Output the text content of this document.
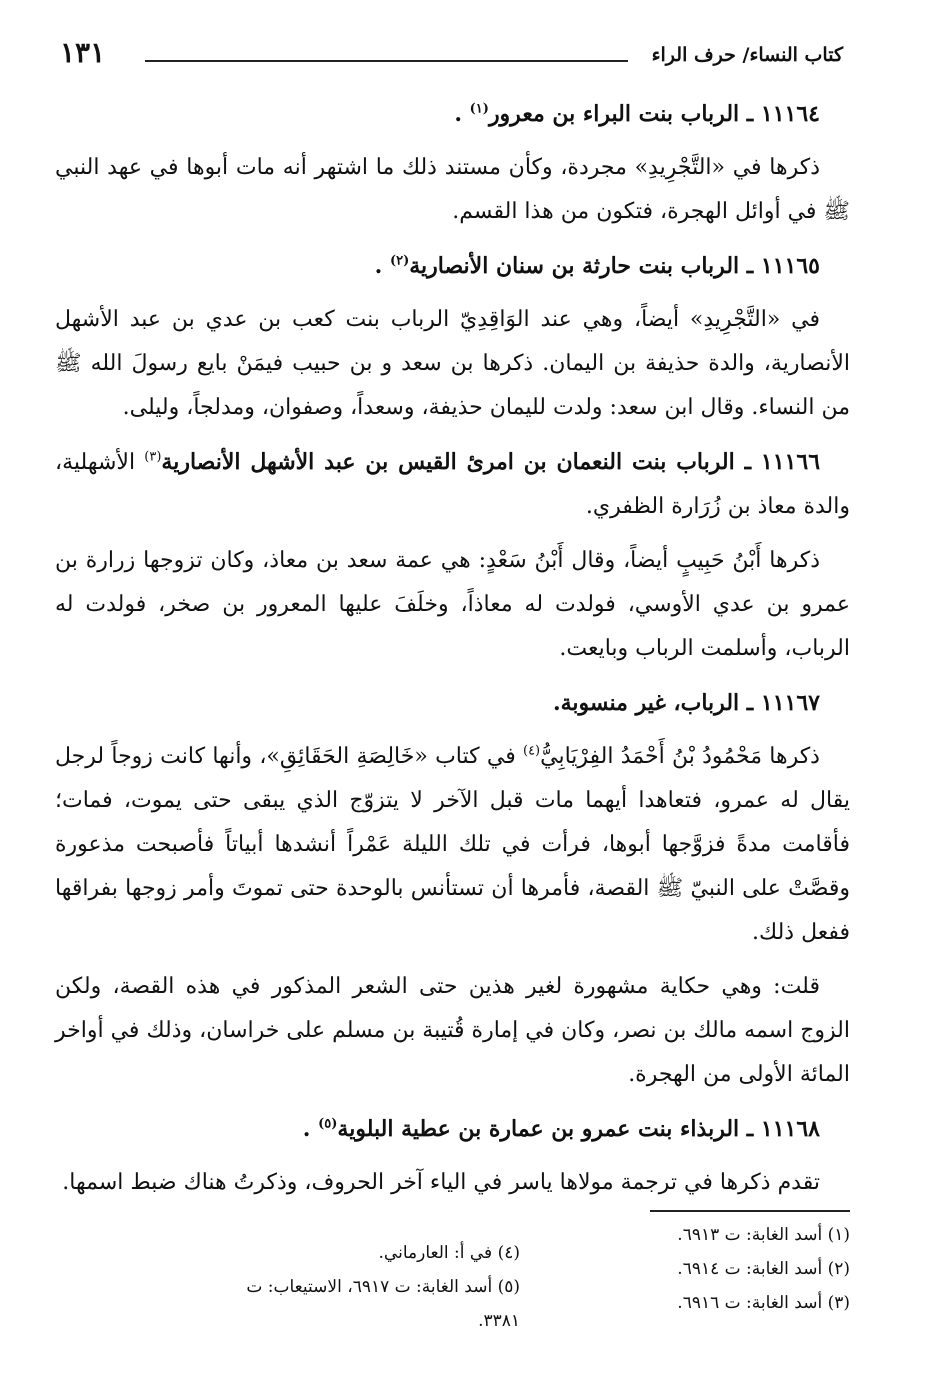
كتاب النساء/ حرف الراء
١٣١

١١١٦٤ ـ الرباب بنت البراء بن معرور$^{(١)}$ .

ذكرها في «التَّجْرِيدِ» مجردة، وكأن مستند ذلك ما اشتهر أنه مات أبوها في عهد النبي ﷺ في أوائل الهجرة، فتكون من هذا القسم.

١١١٦٥ ـ الرباب بنت حارثة بن سنان الأنصارية$^{(٢)}$ .

في «التَّجْرِيدِ» أيضاً، وهي عند الوَاقِدِيّ الرباب بنت كعب بن عدي بن عبد الأشهل الأنصارية، والدة حذيفة بن اليمان. ذكرها بن سعد و بن حبيب فيمَنْ بايع رسولَ الله ﷺ من النساء. وقال ابن سعد: ولدت لليمان حذيفة، وسعداً، وصفوان، ومدلجاً، وليلى.

١١١٦٦ ـ الرباب بنت النعمان بن امرئ القيس بن عبد الأشهل الأنصارية$^{(٣)}$ الأشهلية، والدة معاذ بن زُرَارة الظفري.

ذكرها أَبْنُ حَبِيبٍ أيضاً، وقال أَبْنُ سَعْدٍ: هي عمة سعد بن معاذ، وكان تزوجها زرارة بن عمرو بن عدي الأوسي، فولدت له معاذاً، وخلَفَ عليها المعرور بن صخر، فولدت له الرباب، وأسلمت الرباب وبايعت.

١١١٦٧ ـ الرباب، غير منسوبة.

ذكرها مَحْمُودُ بْنُ أَحْمَدُ الفِرْيَابِيُّ$^{(٤)}$ في كتاب «خَالِصَةِ الحَقَائِقِ»، وأنها كانت زوجاً لرجل يقال له عمرو، فتعاهدا أيهما مات قبل الآخر لا يتزوّج الذي يبقى حتى يموت، فمات؛ فأقامت مدةً فزوَّجها أبوها، فرأت في تلك الليلة عَمْراً أنشدها أبياتاً فأصبحت مذعورة وقصَّتْ على النبيّ ﷺ القصة، فأمرها أن تستأنس بالوحدة حتى تموتَ وأمر زوجها بفراقها ففعل ذلك.

قلت: وهي حكاية مشهورة لغير هذين حتى الشعر المذكور في هذه القصة، ولكن الزوج اسمه مالك بن نصر، وكان في إمارة قُتيبة بن مسلم على خراسان، وذلك في أواخر المائة الأولى من الهجرة.

١١١٦٨ ـ الربذاء بنت عمرو بن عمارة بن عطية البلوية$^{(٥)}$ .

تقدم ذكرها في ترجمة مولاها ياسر في الياء آخر الحروف، وذكرتُ هناك ضبط اسمها.

(١) أسد الغابة: ت ٦٩١٣.
(٢) أسد الغابة: ت ٦٩١٤.
(٣) أسد الغابة: ت ٦٩١٦.
(٤) في أ: العارماني.
(٥) أسد الغابة: ت ٦٩١٧، الاستيعاب: ت ٣٣٨١.
